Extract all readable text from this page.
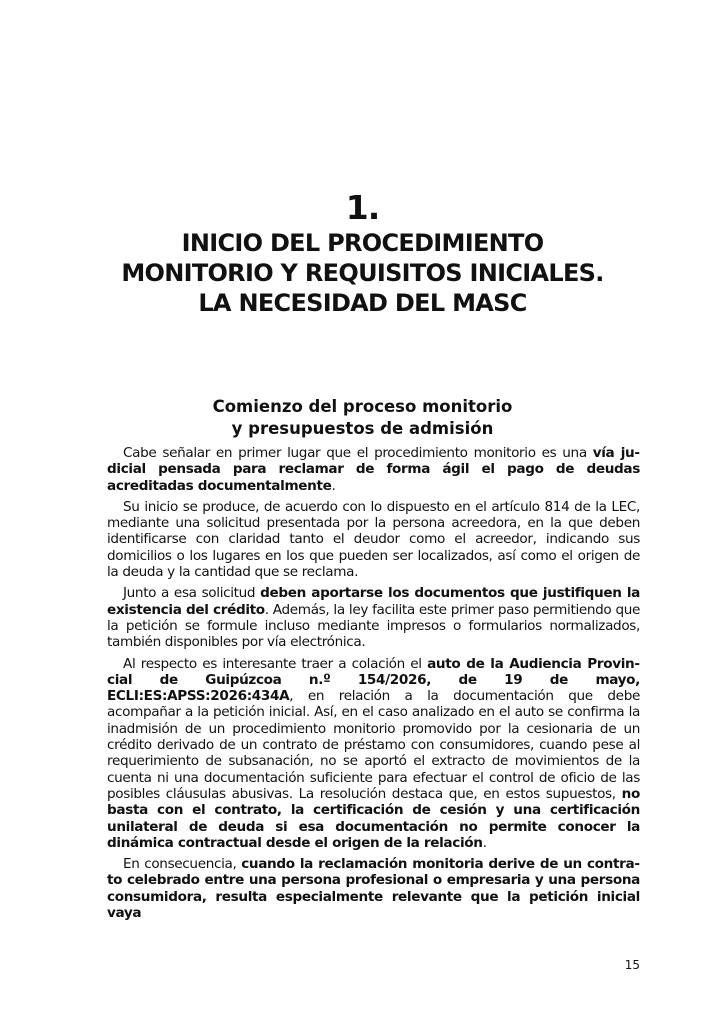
1.
INICIO DEL PROCEDIMIENTO
MONITORIO Y REQUISITOS INICIALES.
LA NECESIDAD DEL MASC
Comienzo del proceso monitorio
y presupuestos de admisión

Cabe señalar en primer lugar que el procedimiento monitorio es una vía judicial pensada para reclamar de forma ágil el pago de deudas acreditadas documentalmente.

Su inicio se produce, de acuerdo con lo dispuesto en el artículo 814 de la LEC, mediante una solicitud presentada por la persona acreedora, en la que deben identificarse con claridad tanto el deudor como el acreedor, indicando sus domicilios o los lugares en los que pueden ser localizados, así como el origen de la deuda y la cantidad que se reclama.

Junto a esa solicitud deben aportarse los documentos que justifiquen la existencia del crédito. Además, la ley facilita este primer paso permitiendo que la petición se formule incluso mediante impresos o formularios normalizados, también disponibles por vía electrónica.

Al respecto es interesante traer a colación el auto de la Audiencia Provincial de Guipúzcoa n.º 154/2026, de 19 de mayo, ECLI:ES:APSS:2026:434A, en relación a la documentación que debe acompañar a la petición inicial. Así, en el caso analizado en el auto se confirma la inadmisión de un procedimiento monitorio promovido por la cesionaria de un crédito derivado de un contrato de préstamo con consumidores, cuando pese al requerimiento de subsanación, no se aportó el extracto de movimientos de la cuenta ni una documentación suficiente para efectuar el control de oficio de las posibles cláusulas abusivas. La resolución destaca que, en estos supuestos, no basta con el contrato, la certificación de cesión y una certificación unilateral de deuda si esa documentación no permite conocer la dinámica contractual desde el origen de la relación.

En consecuencia, cuando la reclamación monitoria derive de un contrato celebrado entre una persona profesional o empresaria y una persona consumidora, resulta especialmente relevante que la petición inicial vaya

15
